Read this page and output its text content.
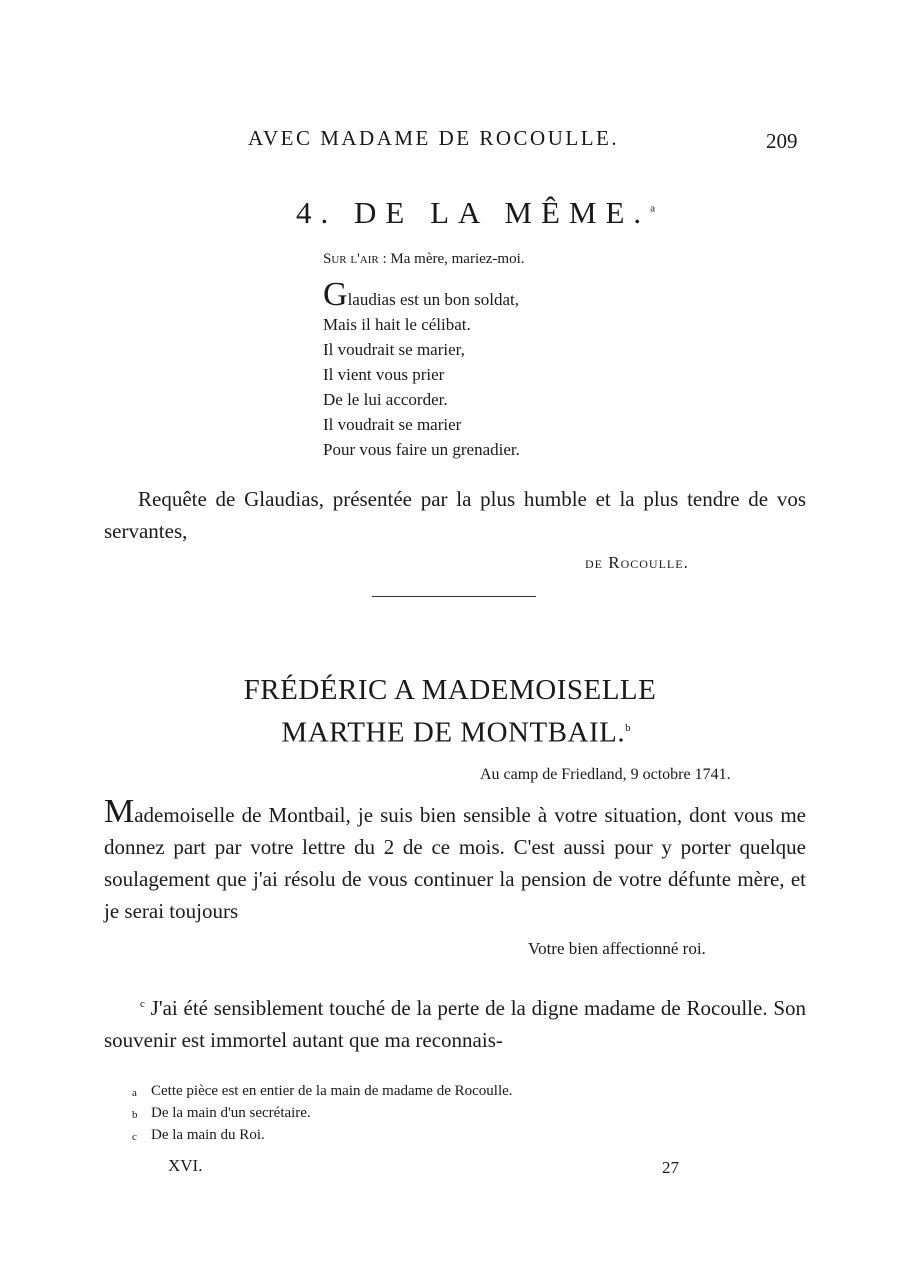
AVEC MADAME DE ROCOULLE.	209
4. DE LA MÊME.$^a$
Sur l'air : Ma mère, mariez-moi.
Glaudias est un bon soldat,
Mais il hait le célibat.
Il voudrait se marier,
Il vient vous prier
De le lui accorder.
Il voudrait se marier
Pour vous faire un grenadier.
Requête de Glaudias, présentée par la plus humble et la plus tendre de vos servantes,
de Rocoulle.
FRÉDÉRIC A MADEMOISELLE
MARTHE DE MONTBAIL.$^b$
Au camp de Friedland, 9 octobre 1741.
Mademoiselle de Montbail, je suis bien sensible à votre situation, dont vous me donnez part par votre lettre du 2 de ce mois. C'est aussi pour y porter quelque soulagement que j'ai résolu de vous continuer la pension de votre défunte mère, et je serai toujours
Votre bien affectionné roi.
$^c$ J'ai été sensiblement touché de la perte de la digne madame de Rocoulle. Son souvenir est immortel autant que ma reconnais-
a Cette pièce est en entier de la main de madame de Rocoulle.
b De la main d'un secrétaire.
c De la main du Roi.
XVI.	27
